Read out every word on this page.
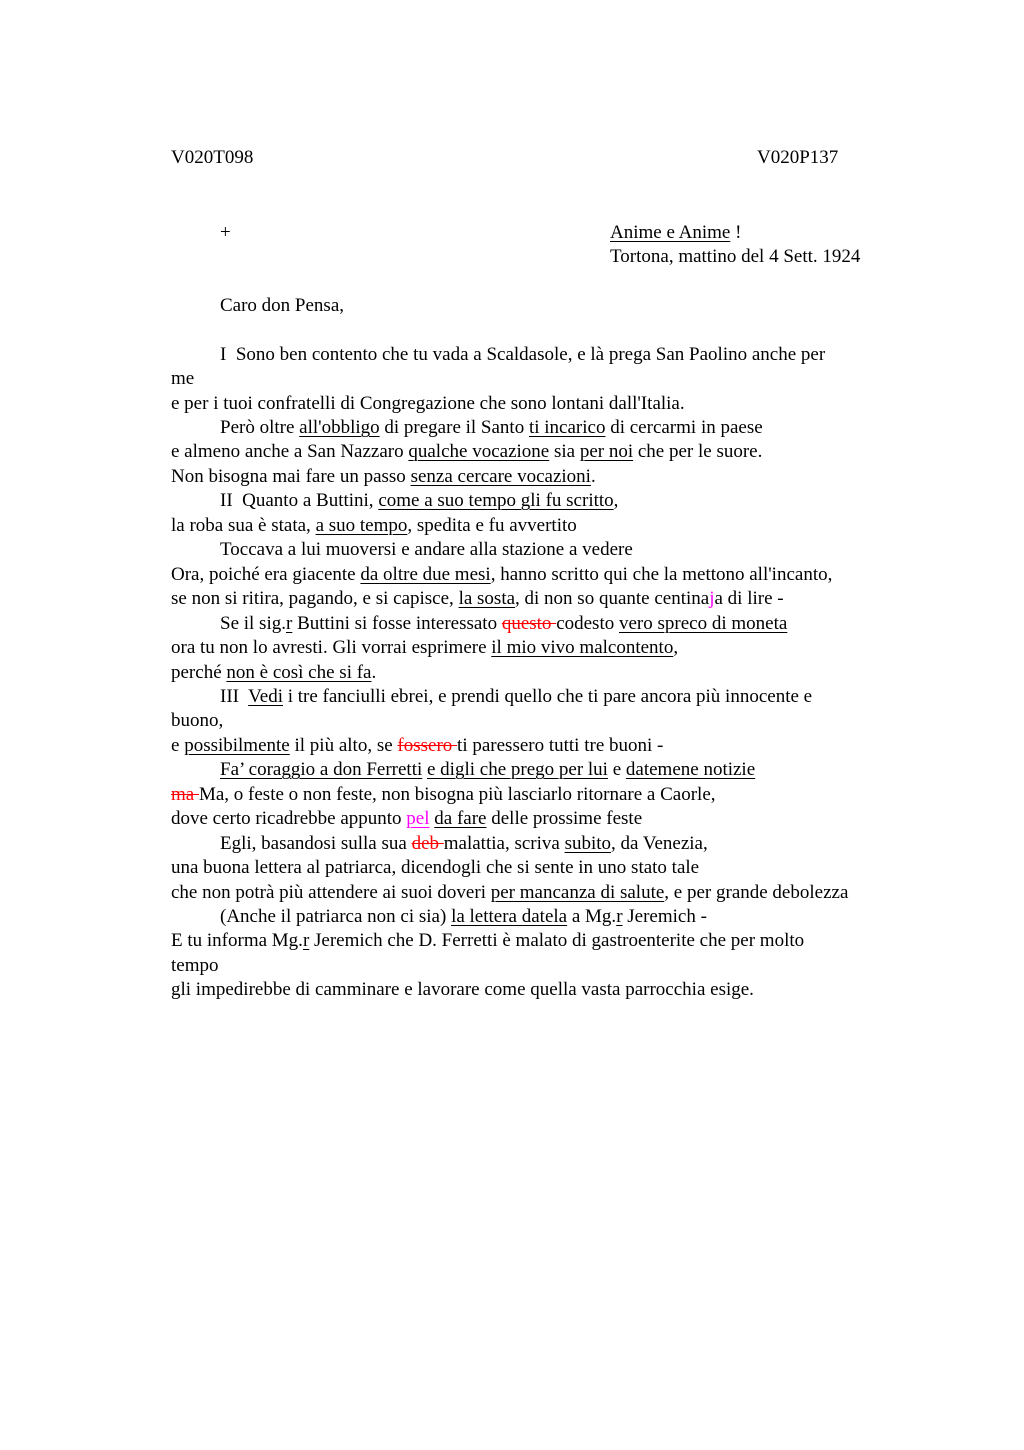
V020T098	V020P137
+	Anime e Anime !
Tortona, mattino del 4 Sett. 1924
Caro don Pensa,
I  Sono ben contento che tu vada a Scaldasole, e là prega San Paolino anche per
me
e per i tuoi confratelli di Congregazione che sono lontani dall'Italia.
Però oltre all'obbligo di pregare il Santo ti incarico di cercarmi in paese
e almeno anche a San Nazzaro qualche vocazione sia per noi che per le suore.
Non bisogna mai fare un passo senza cercare vocazioni.
II  Quanto a Buttini, come a suo tempo gli fu scritto,
la roba sua è stata, a suo tempo, spedita e fu avvertito
Toccava a lui muoversi e andare alla stazione a vedere
Ora, poiché era giacente da oltre due mesi, hanno scritto qui che la mettono all'incanto,
se non si ritira, pagando, e si capisce, la sosta, di non so quante centinaja di lire -
Se il sig.r Buttini si fosse interessato questo codesto vero spreco di moneta
ora tu non lo avresti. Gli vorrai esprimere il mio vivo malcontento,
perché non è così che si fa.
III  Vedi i tre fanciulli ebrei, e prendi quello che ti pare ancora più innocente e
buono,
e possibilmente il più alto, se fossero ti paressero tutti tre buoni -
Fa’ coraggio a don Ferretti e digli che prego per lui e datemene notizie
ma Ma, o feste o non feste, non bisogna più lasciarlo ritornare a Caorle,
dove certo ricadrebbe appunto pel da fare delle prossime feste
Egli, basandosi sulla sua deb malattia, scriva subito, da Venezia,
una buona lettera al patriarca, dicendogli che si sente in uno stato tale
che non potrà più attendere ai suoi doveri per mancanza di salute, e per grande debolezza
(Anche il patriarca non ci sia) la lettera datela a Mg.r Jeremich -
E tu informa Mg.r Jeremich che D. Ferretti è malato di gastroenterite che per molto
tempo
gli impedirebbe di camminare e lavorare come quella vasta parrocchia esige.
